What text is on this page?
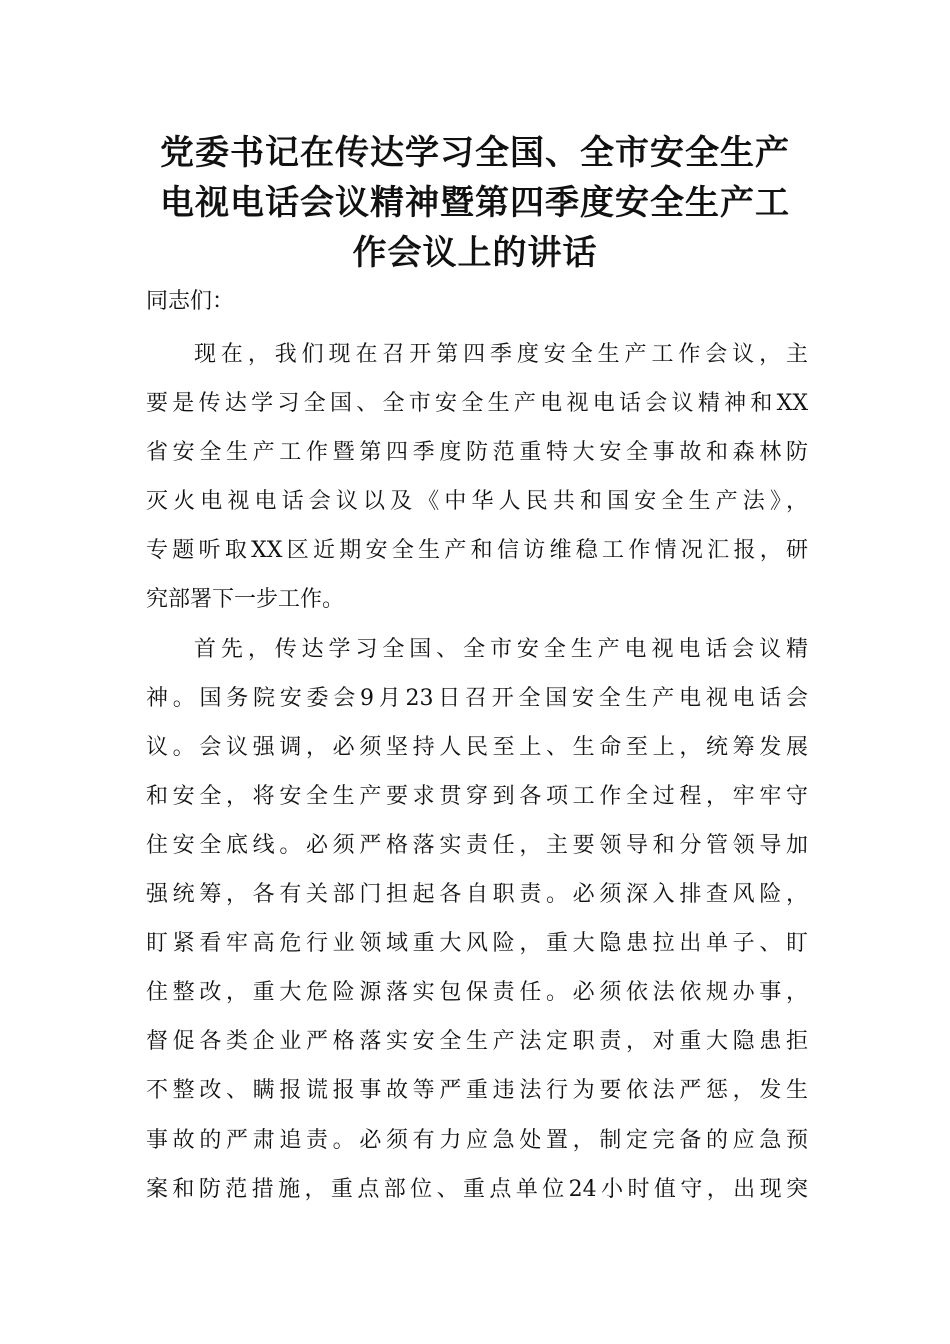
党委书记在传达学习全国、全市安全生产
电视电话会议精神暨第四季度安全生产工
作会议上的讲话
同志们：

现在，我们现在召开第四季度安全生产工作会议，主
要是传达学习全国、全市安全生产电视电话会议精神和XX
省安全生产工作暨第四季度防范重特大安全事故和森林防
灭火电视电话会议以及《中华人民共和国安全生产法》，
专题听取XX区近期安全生产和信访维稳工作情况汇报，研
究部署下一步工作。

首先，传达学习全国、全市安全生产电视电话会议精
神。国务院安委会9月23日召开全国安全生产电视电话会
议。会议强调，必须坚持人民至上、生命至上，统筹发展
和安全，将安全生产要求贯穿到各项工作全过程，牢牢守
住安全底线。必须严格落实责任，主要领导和分管领导加
强统筹，各有关部门担起各自职责。必须深入排查风险，
盯紧看牢高危行业领域重大风险，重大隐患拉出单子、盯
住整改，重大危险源落实包保责任。必须依法依规办事，
督促各类企业严格落实安全生产法定职责，对重大隐患拒
不整改、瞒报谎报事故等严重违法行为要依法严惩，发生
事故的严肃追责。必须有力应急处置，制定完备的应急预
案和防范措施，重点部位、重点单位24小时值守，出现突
